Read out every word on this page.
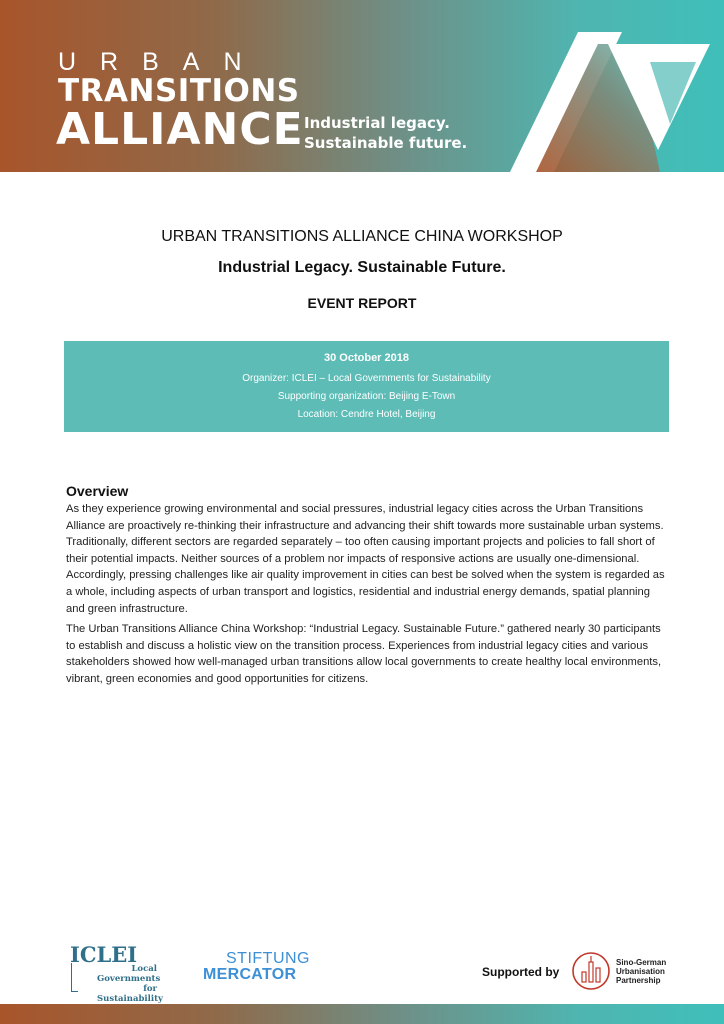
URBAN
TRANSITIONS
ALLIANCE Industrial legacy.
Sustainable future.
URBAN TRANSITIONS ALLIANCE CHINA WORKSHOP
Industrial Legacy. Sustainable Future.
EVENT REPORT
30 October 2018
Organizer: ICLEI – Local Governments for Sustainability
Supporting organization: Beijing E-Town
Location: Cendre Hotel, Beijing
Overview

As they experience growing environmental and social pressures, industrial legacy cities across the Urban Transitions Alliance are proactively re-thinking their infrastructure and advancing their shift towards more sustainable urban systems. Traditionally, different sectors are regarded separately – too often causing important projects and policies to fall short of their potential impacts. Neither sources of a problem nor impacts of responsive actions are usually one-dimensional. Accordingly, pressing challenges like air quality improvement in cities can best be solved when the system is regarded as a whole, including aspects of urban transport and logistics, residential and industrial energy demands, spatial planning and green infrastructure.

The Urban Transitions Alliance China Workshop: “Industrial Legacy. Sustainable Future.” gathered nearly 30 participants to establish and discuss a holistic view on the transition process. Experiences from industrial legacy cities and various stakeholders showed how well-managed urban transitions allow local governments to create healthy local environments, vibrant, green economies and good opportunities for citizens.

ICLEI
Local
Governments
for Sustainability
STIFTUNG
MERCATOR	Supported by
Sino-German
Urbanisation
Partnership
